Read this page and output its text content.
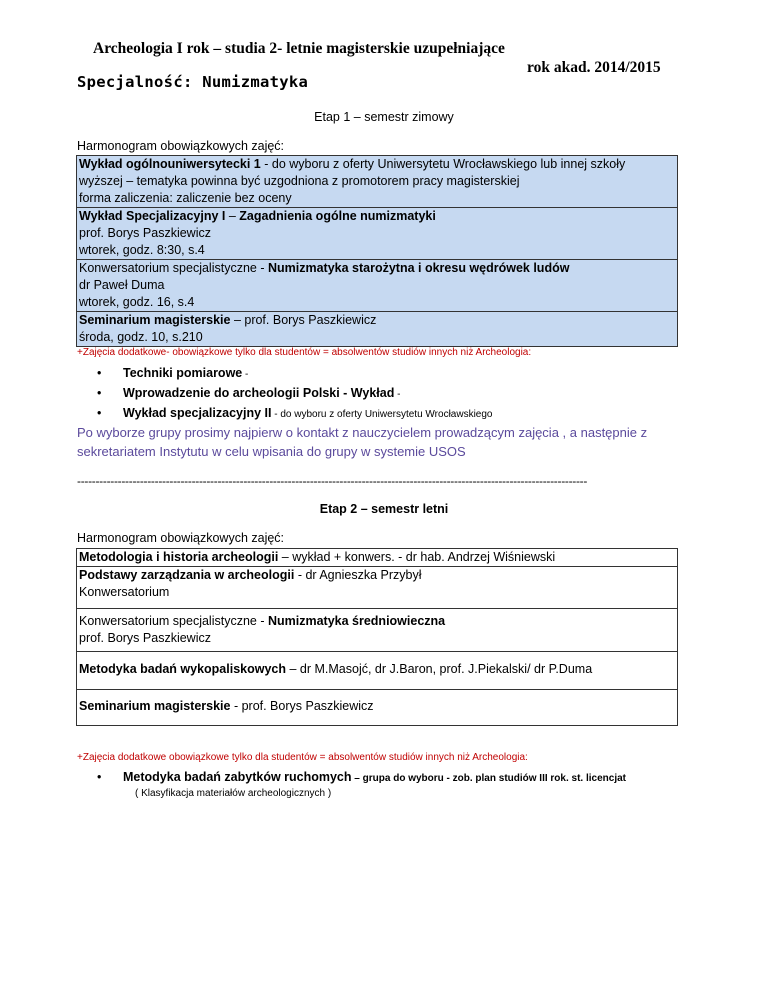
Archeologia I rok – studia 2- letnie magisterskie uzupełniające
rok akad. 2014/2015
Specjalność: Numizmatyka
Etap 1 – semestr zimowy
Harmonogram obowiązkowych zajęć:
Wykład ogólnouniwersytecki 1 - do wyboru z oferty Uniwersytetu Wrocławskiego lub innej szkoły
wyższej – tematyka powinna być uzgodniona z promotorem pracy magisterskiej
forma zaliczenia: zaliczenie bez oceny
Wykład Specjalizacyjny I – Zagadnienia ogólne numizmatyki
prof. Borys Paszkiewicz
wtorek, godz. 8:30, s.4
Konwersatorium specjalistyczne - Numizmatyka starożytna i okresu wędrówek ludów
dr Paweł Duma
wtorek, godz. 16, s.4
Seminarium magisterskie – prof. Borys Paszkiewicz
środa, godz. 10, s.210
+Zajęcia dodatkowe- obowiązkowe tylko dla studentów = absolwentów studiów innych niż Archeologia:
• Techniki pomiarowe -
• Wprowadzenie do archeologii Polski - Wykład -
• Wykład specjalizacyjny II - do wyboru z oferty Uniwersytetu Wrocławskiego
Po wyborze grupy prosimy najpierw o kontakt z nauczycielem prowadzącym zajęcia , a następnie z
sekretariatem Instytutu w celu wpisania do grupy w systemie USOS
------------------------------------------------------------------------------------------------------------------------------------------
Etap 2 – semestr letni
Harmonogram obowiązkowych zajęć:
Metodologia i historia archeologii – wykład + konwers. - dr hab. Andrzej Wiśniewski
Podstawy zarządzania w archeologii - dr Agnieszka Przybył
Konwersatorium
Konwersatorium specjalistyczne - Numizmatyka średniowieczna
prof. Borys Paszkiewicz
Metodyka badań wykopaliskowych – dr M.Masojć, dr J.Baron, prof. J.Piekalski/ dr P.Duma
Seminarium magisterskie - prof. Borys Paszkiewicz
+Zajęcia dodatkowe obowiązkowe tylko dla studentów = absolwentów studiów innych niż Archeologia:
• Metodyka badań zabytków ruchomych – grupa do wyboru - zob. plan studiów III rok. st. licencjat
( Klasyfikacja materiałów archeologicznych )
